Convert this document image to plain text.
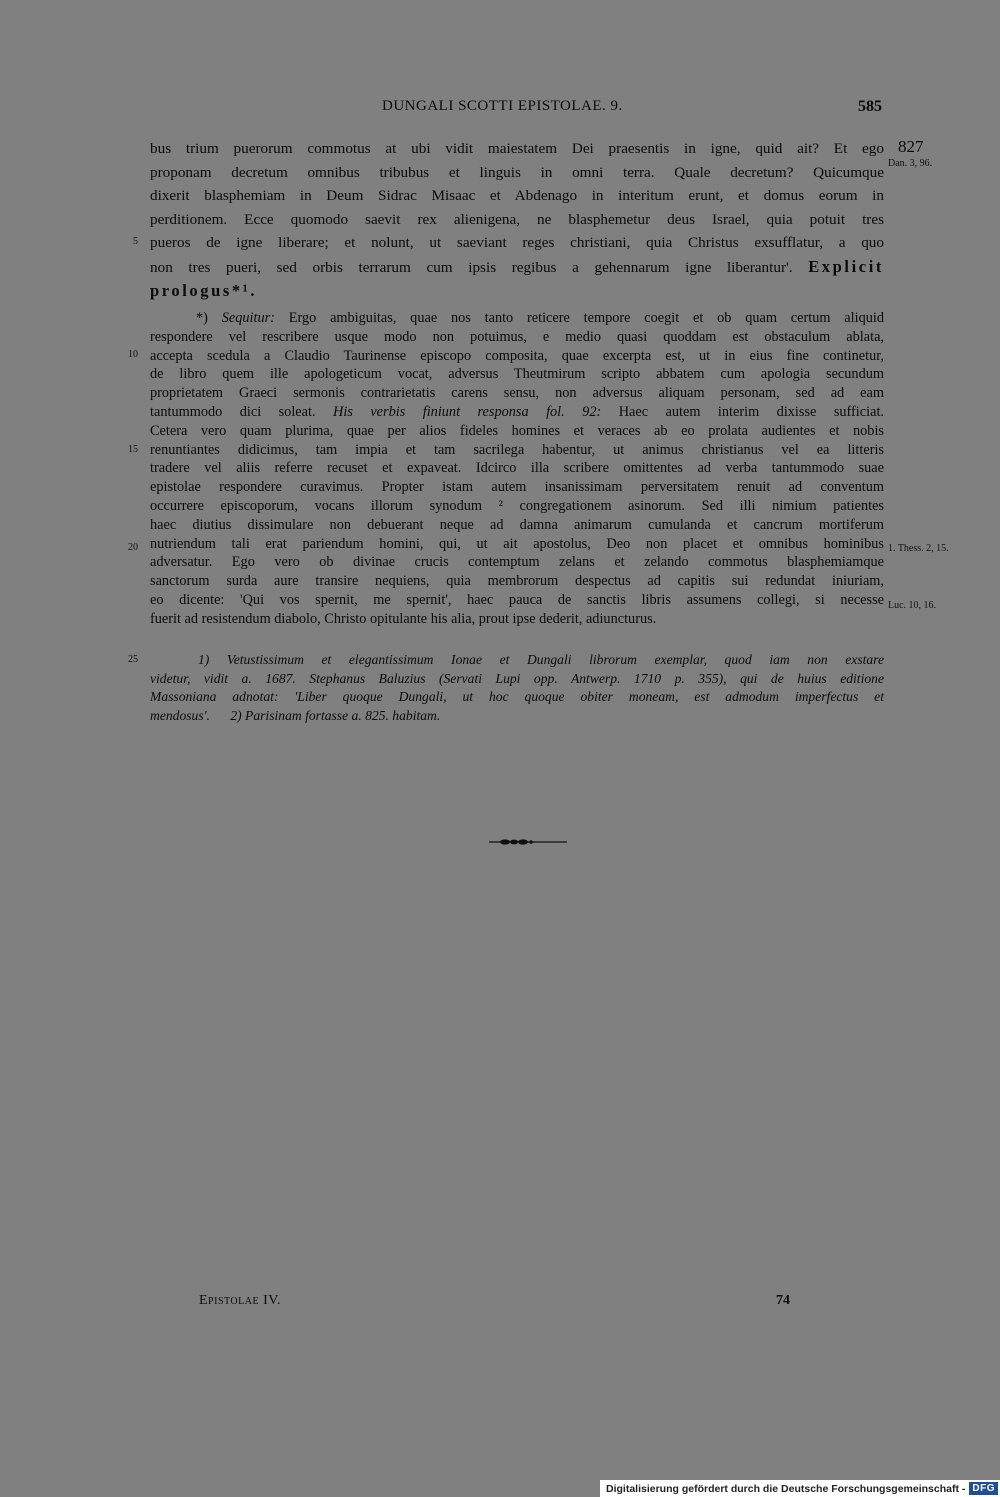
DUNGALI SCOTTI EPISTOLAE. 9.	585
827
Dan. 3, 96.
1. Thess. 2, 15.
Luc. 10, 16.
5
10
15
20
25
bus trium puerorum commotus at ubi vidit maiestatem Dei praesentis in igne, quid ait? Et ego
proponam decretum omnibus tribubus et linguis in omni terra. Quale decretum? Quicumque
dixerit blasphemiam in Deum Sidrac Misaac et Abdenago in interitum erunt, et domus eorum in
perditionem. Ecce quomodo saevit rex alienigena, ne blasphemetur deus Israel, quia potuit tres
pueros de igne liberare; et nolunt, ut saeviant reges christiani, quia Christus exsufflatur, a quo
non tres pueri, sed orbis terrarum cum ipsis regibus a gehennarum igne liberantur'. Explicit
prologus*¹.
*) Sequitur: Ergo ambiguitas, quae nos tanto reticere tempore coegit et ob quam certum aliquid
respondere vel rescribere usque modo non potuimus, e medio quasi quoddam est obstaculum ablata,
accepta scedula a Claudio Taurinense episcopo composita, quae excerpta est, ut in eius fine continetur,
de libro quem ille apologeticum vocat, adversus Theutmirum scripto abbatem cum apologia secundum
proprietatem Graeci sermonis contrarietatis carens sensu, non adversus aliquam personam, sed ad eam
tantummodo dici soleat. His verbis finiunt responsa fol. 92: Haec autem interim dixisse sufficiat.
Cetera vero quam plurima, quae per alios fideles homines et veraces ab eo prolata audientes et nobis
renuntiantes didicimus, tam impia et tam sacrilega habentur, ut animus christianus vel ea litteris
tradere vel aliis referre recuset et expaveat. Idcirco illa scribere omittentes ad verba tantummodo suae
epistolae respondere curavimus. Propter istam autem insanissimam perversitatem renuit ad conventum
occurrere episcoporum, vocans illorum synodum ² congregationem asinorum. Sed illi nimium patientes
haec diutius dissimulare non debuerant neque ad damna animarum cumulanda et cancrum mortiferum
nutriendum tali erat pariendum homini, qui, ut ait apostolus, Deo non placet et omnibus hominibus
adversatur. Ego vero ob divinae crucis contemptum zelans et zelando commotus blasphemiamque
sanctorum surda aure transire nequiens, quia membrorum despectus ad capitis sui redundat iniuriam,
eo dicente: 'Qui vos spernit, me spernit', haec pauca de sanctis libris assumens collegi, si necesse
fuerit ad resistendum diabolo, Christo opitulante his alia, prout ipse dederit, adiuncturus.
1) Vetustissimum et elegantissimum Ionae et Dungali librorum exemplar, quod iam non exstare
videtur, vidit a. 1687. Stephanus Baluzius (Servati Lupi opp. Antwerp. 1710 p. 355), qui de huius editione
Massoniana adnotat: 'Liber quoque Dungali, ut hoc quoque obiter moneam, est admodum imperfectus et
mendosus'.      2) Parisinam fortasse a. 825. habitam.
Epistolae IV.	74
Digitalisierung gefördert durch die Deutsche Forschungsgemeinschaft - DFG
